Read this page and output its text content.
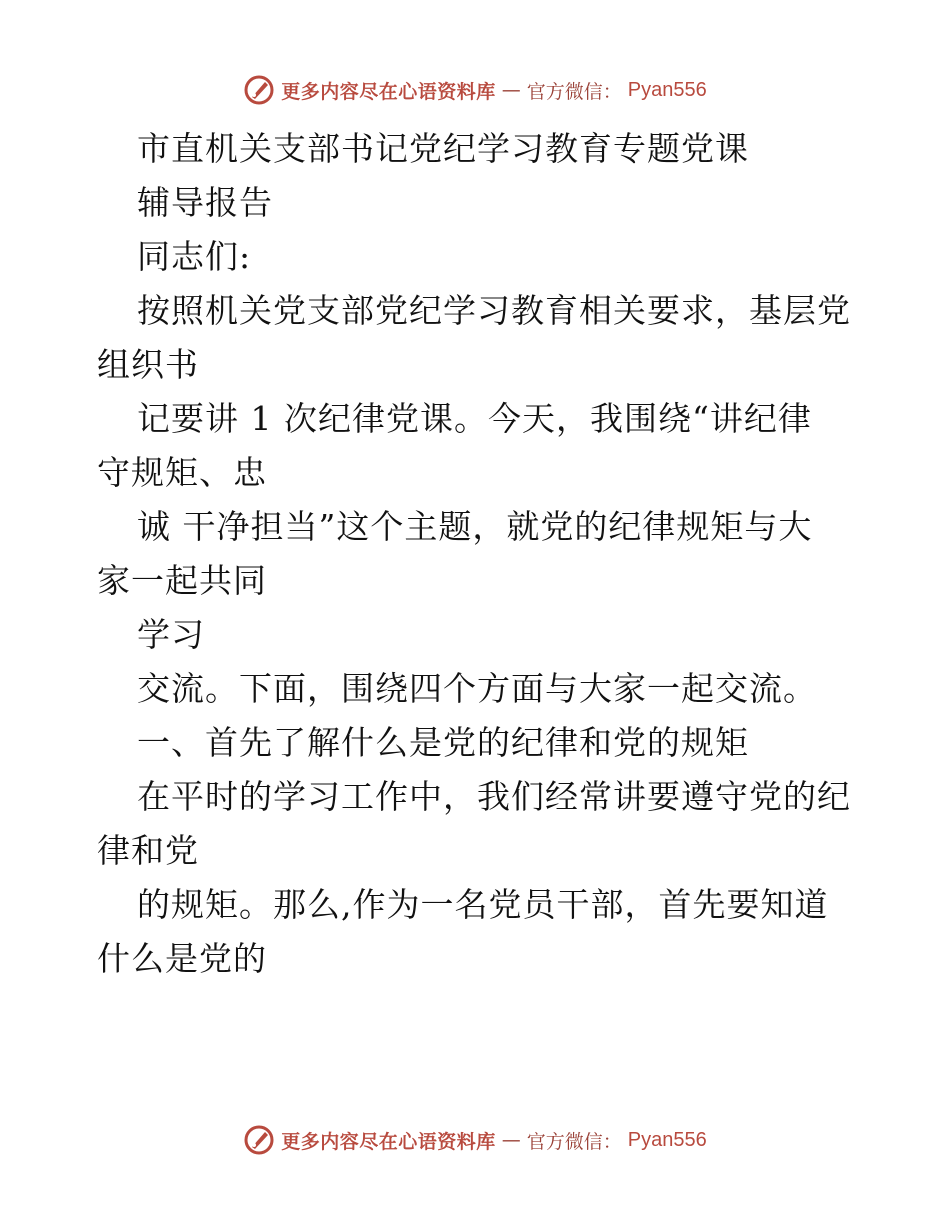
更多内容尽在心语资料库 — 官方微信： Pyan556
市直机关支部书记党纪学习教育专题党课
辅导报告
同志们:
按照机关党支部党纪学习教育相关要求，基层党
组织书
记要讲 1 次纪律党课。今天，我围绕“讲纪律
守规矩、忠
诚 干净担当”这个主题，就党的纪律规矩与大
家一起共同
学习
交流。下面，围绕四个方面与大家一起交流。
一、首先了解什么是党的纪律和党的规矩
在平时的学习工作中，我们经常讲要遵守党的纪
律和党
的规矩。那么,作为一名党员干部，首先要知道
什么是党的
更多内容尽在心语资料库 — 官方微信： Pyan556
